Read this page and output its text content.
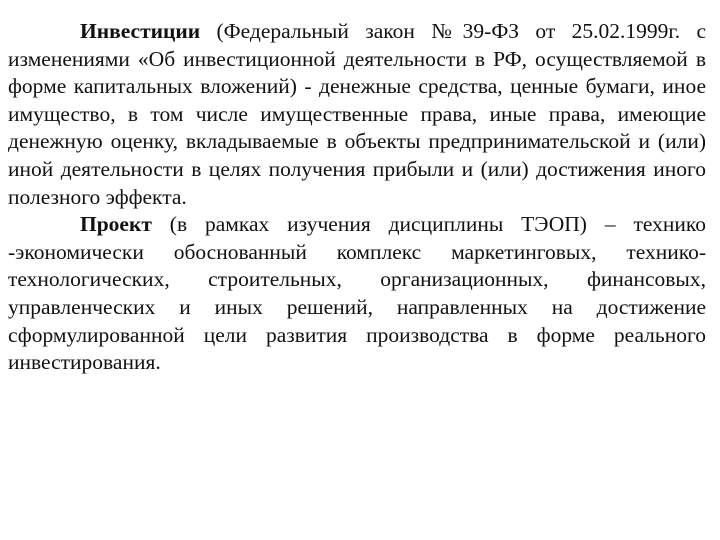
Инвестиции (Федеральный закон №39-ФЗ от 25.02.1999г. с изменениями «Об инвестиционной деятельности в РФ, осуществляемой в форме капитальных вложений) - денежные средства, ценные бумаги, иное имущество, в том числе имущественные права, иные права, имеющие денежную оценку, вкладываемые в объекты предпринимательской и (или) иной деятельности в целях получения прибыли и (или) достижения иного полезного эффекта.

Проект (в рамках изучения дисциплины ТЭОП) – технико -экономически обоснованный комплекс маркетинговых, технико-технологических, строительных, организационных, финансовых, управленческих и иных решений, направленных на достижение сформулированной цели развития производства в форме реального инвестирования.
